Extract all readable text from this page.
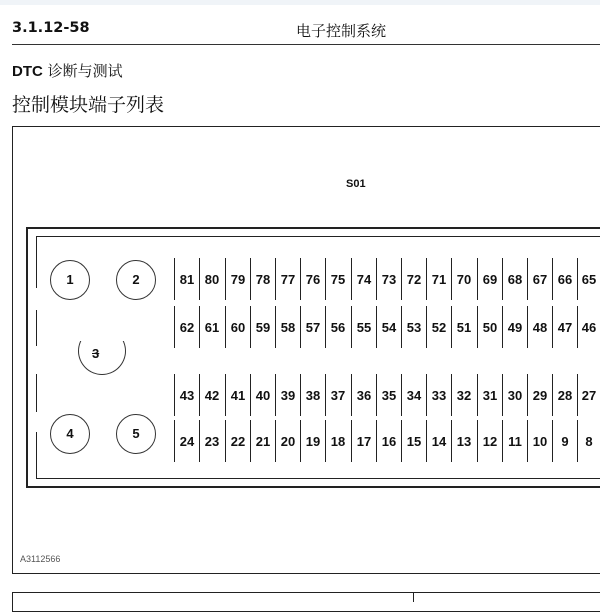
3.1.12-58	电子控制系统
DTC 诊断与测试
控制模块端子列表
S01
1	2
3
4	5
81 80 79 78 77 76 75 74 73 72 71 70 69 68 67 66 65
62 61 60 59 58 57 56 55 54 53 52 51 50 49 48 47 46
43 42 41 40 39 38 37 36 35 34 33 32 31 30 29 28 27
24 23 22 21 20 19 18 17 16 15 14 13 12 11 10	9	8
A3112566
